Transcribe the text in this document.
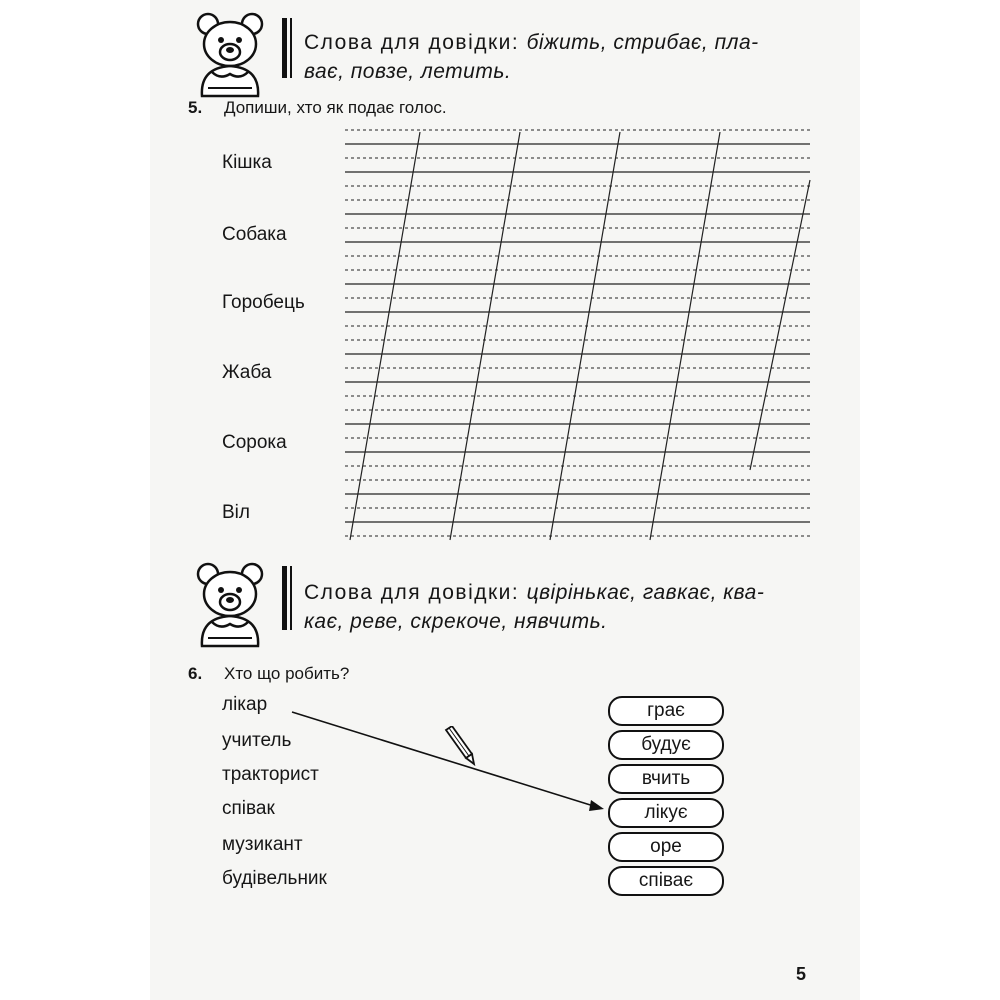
Слова для довідки: біжить, стрибає, пла-
ває, повзе, летить.
5. Допиши, хто як подає голос.
Кішка
Собака
Горобець
Жаба
Сорока
Віл
Слова для довідки: цвірінькає, гавкає, ква-
кає, реве, скрекоче, нявчить.
6. Хто що робить?
лікар
учитель
тракторист
співак
музикант
будівельник
грає
будує
вчить
лікує
оре
співає
5
